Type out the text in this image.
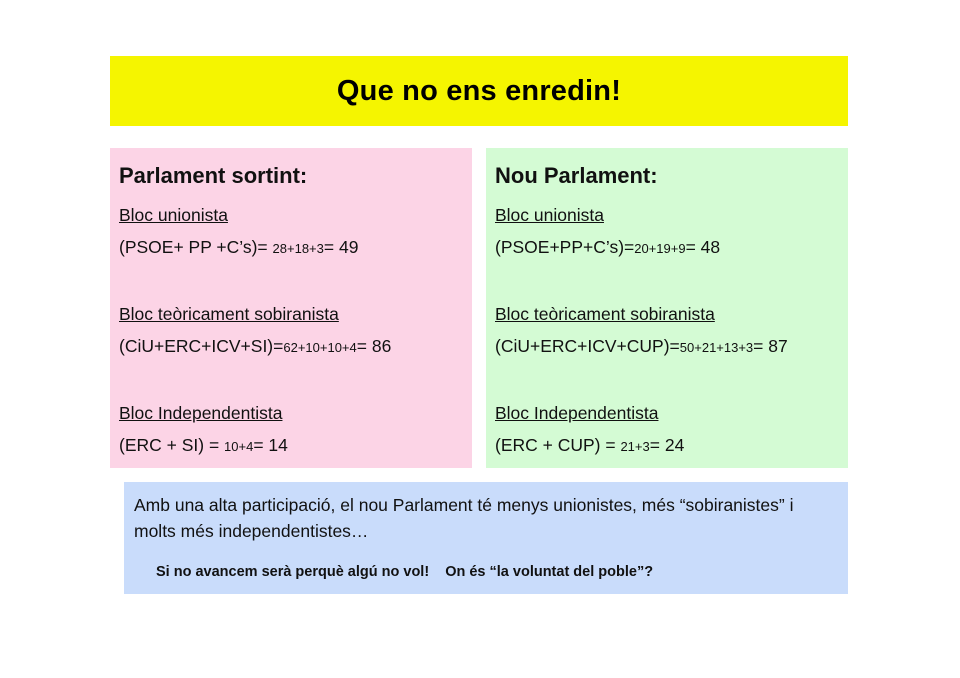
Que no ens enredin!
Parlament sortint:

Bloc unionista

(PSOE+ PP +C’s)= 28+18+3= 49

Bloc teòricament sobiranista

(CiU+ERC+ICV+SI)=62+10+10+4= 86

Bloc Independentista

(ERC + SI) = 10+4= 14

Nou Parlament:

Bloc unionista

(PSOE+PP+C’s)=20+19+9= 48

Bloc teòricament sobiranista

(CiU+ERC+ICV+CUP)=50+21+13+3= 87

Bloc Independentista

(ERC + CUP) = 21+3= 24

Amb una alta participació, el nou Parlament té menys unionistes, més “sobiranistes” i molts més independentistes…

Si no avancem serà perquè algú no vol! On és “la voluntat del poble”?
